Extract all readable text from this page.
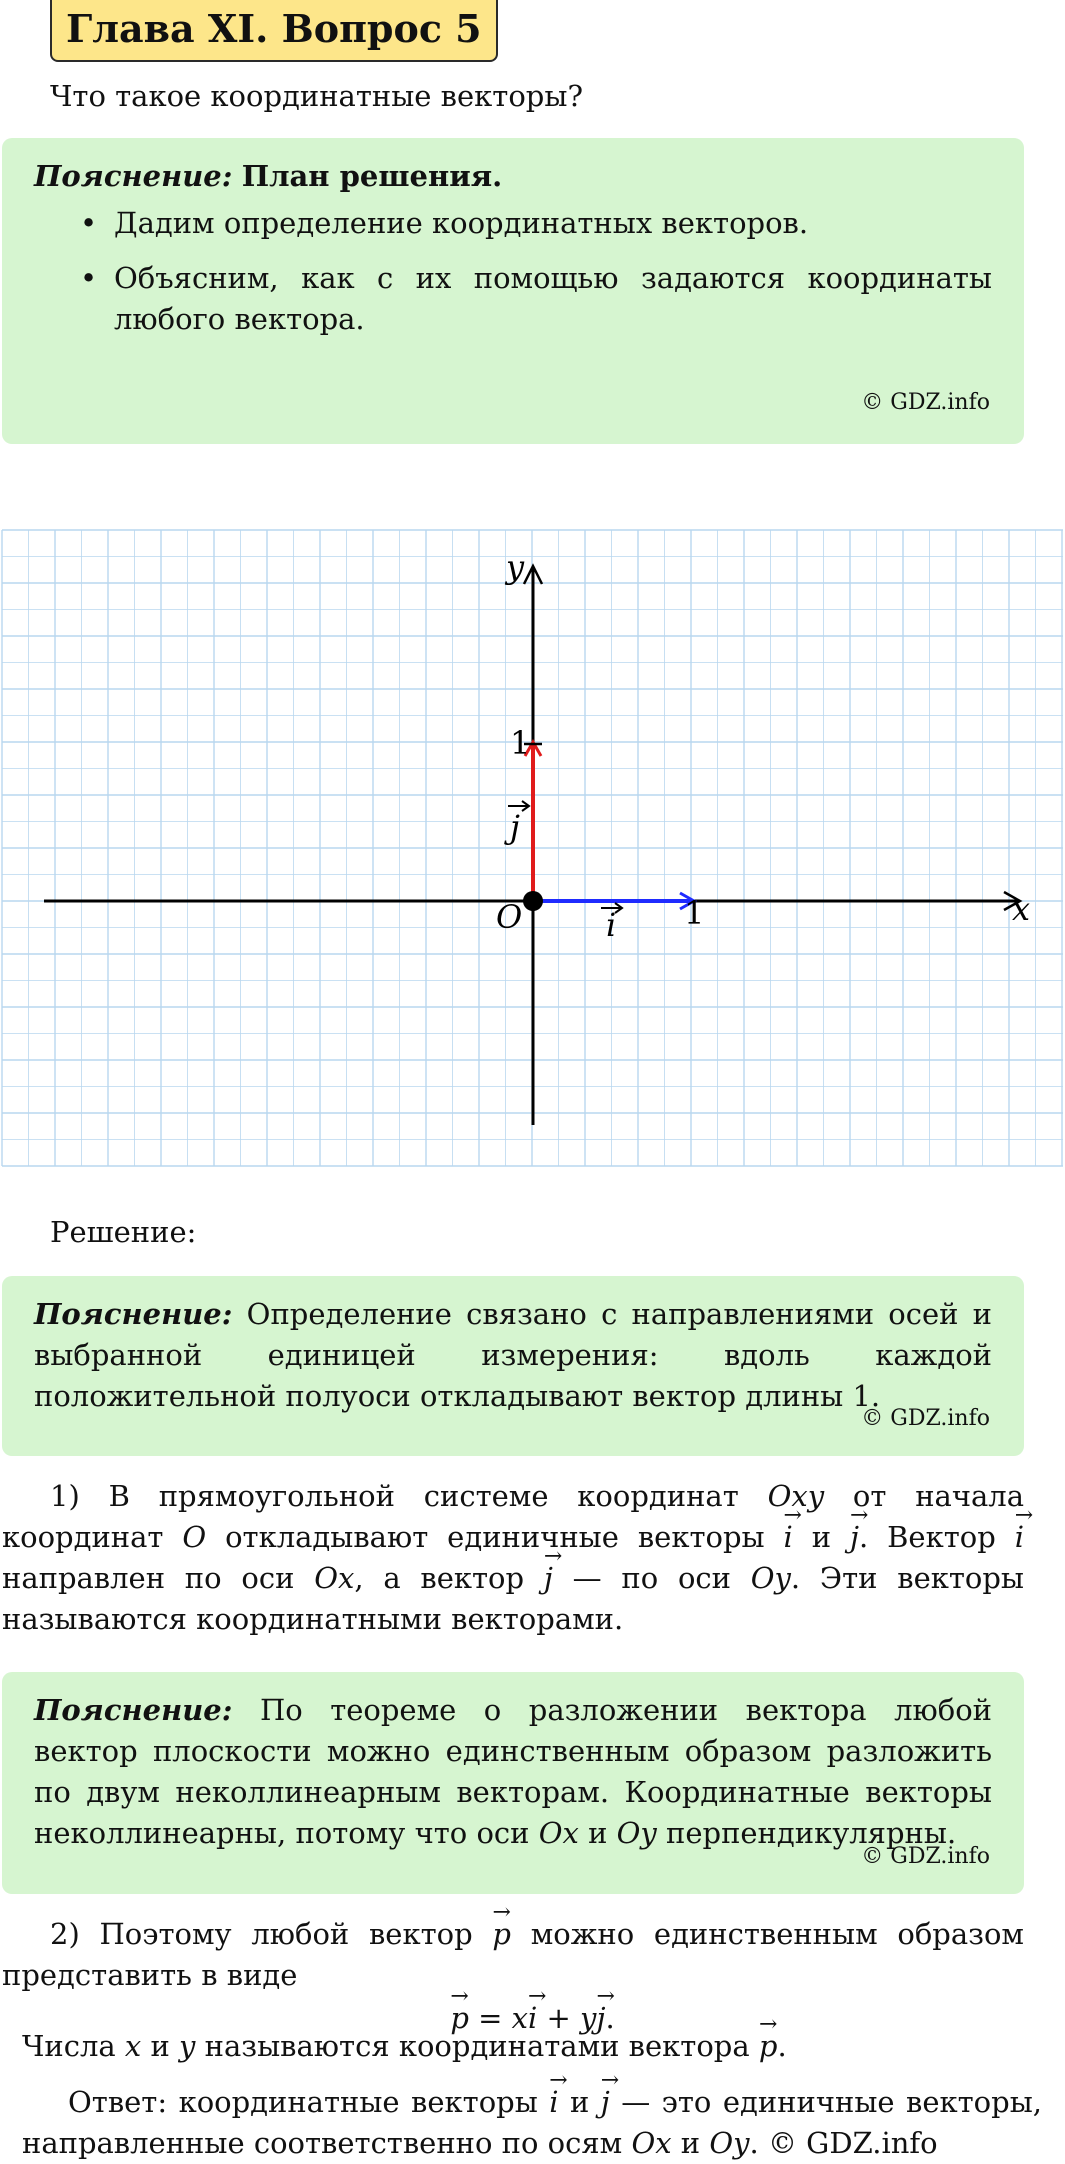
Глава XI. Вопрос 5
Что такое координатные векторы?
Пояснение: План решения.
• Дадим определение координатных векторов.
• Объясним, как с их помощью задаются координаты любого вектора.
© GDZ.info
x
y
O	1
1
i
j
Решение:
Пояснение: Определение связано с направлениями осей и выбранной единицей измерения: вдоль каждой положительной полуоси откладывают вектор длины 1.
© GDZ.info
1) В прямоугольной системе координат Oxy от начала координат O откладывают единичные векторы → i и → j. Вектор → i направлен по оси Ox, а вектор → j — по оси Oy. Эти векторы называются координатными векторами.
Пояснение: По теореме о разложении вектора любой вектор плоскости можно единственным образом разложить по двум неколлинеарным векторам. Координатные векторы неколлинеарны, потому что оси Ox и Oy перпендикулярны.
© GDZ.info
2) Поэтому любой вектор → p можно единственным образом представить в виде
→ p = x→ i + y→ j.
Числа x и y называются координатами вектора → p.
Ответ: координатные векторы → i и → j — это единичные векторы, направленные соответственно по осям Ox и Oy. © GDZ.info
